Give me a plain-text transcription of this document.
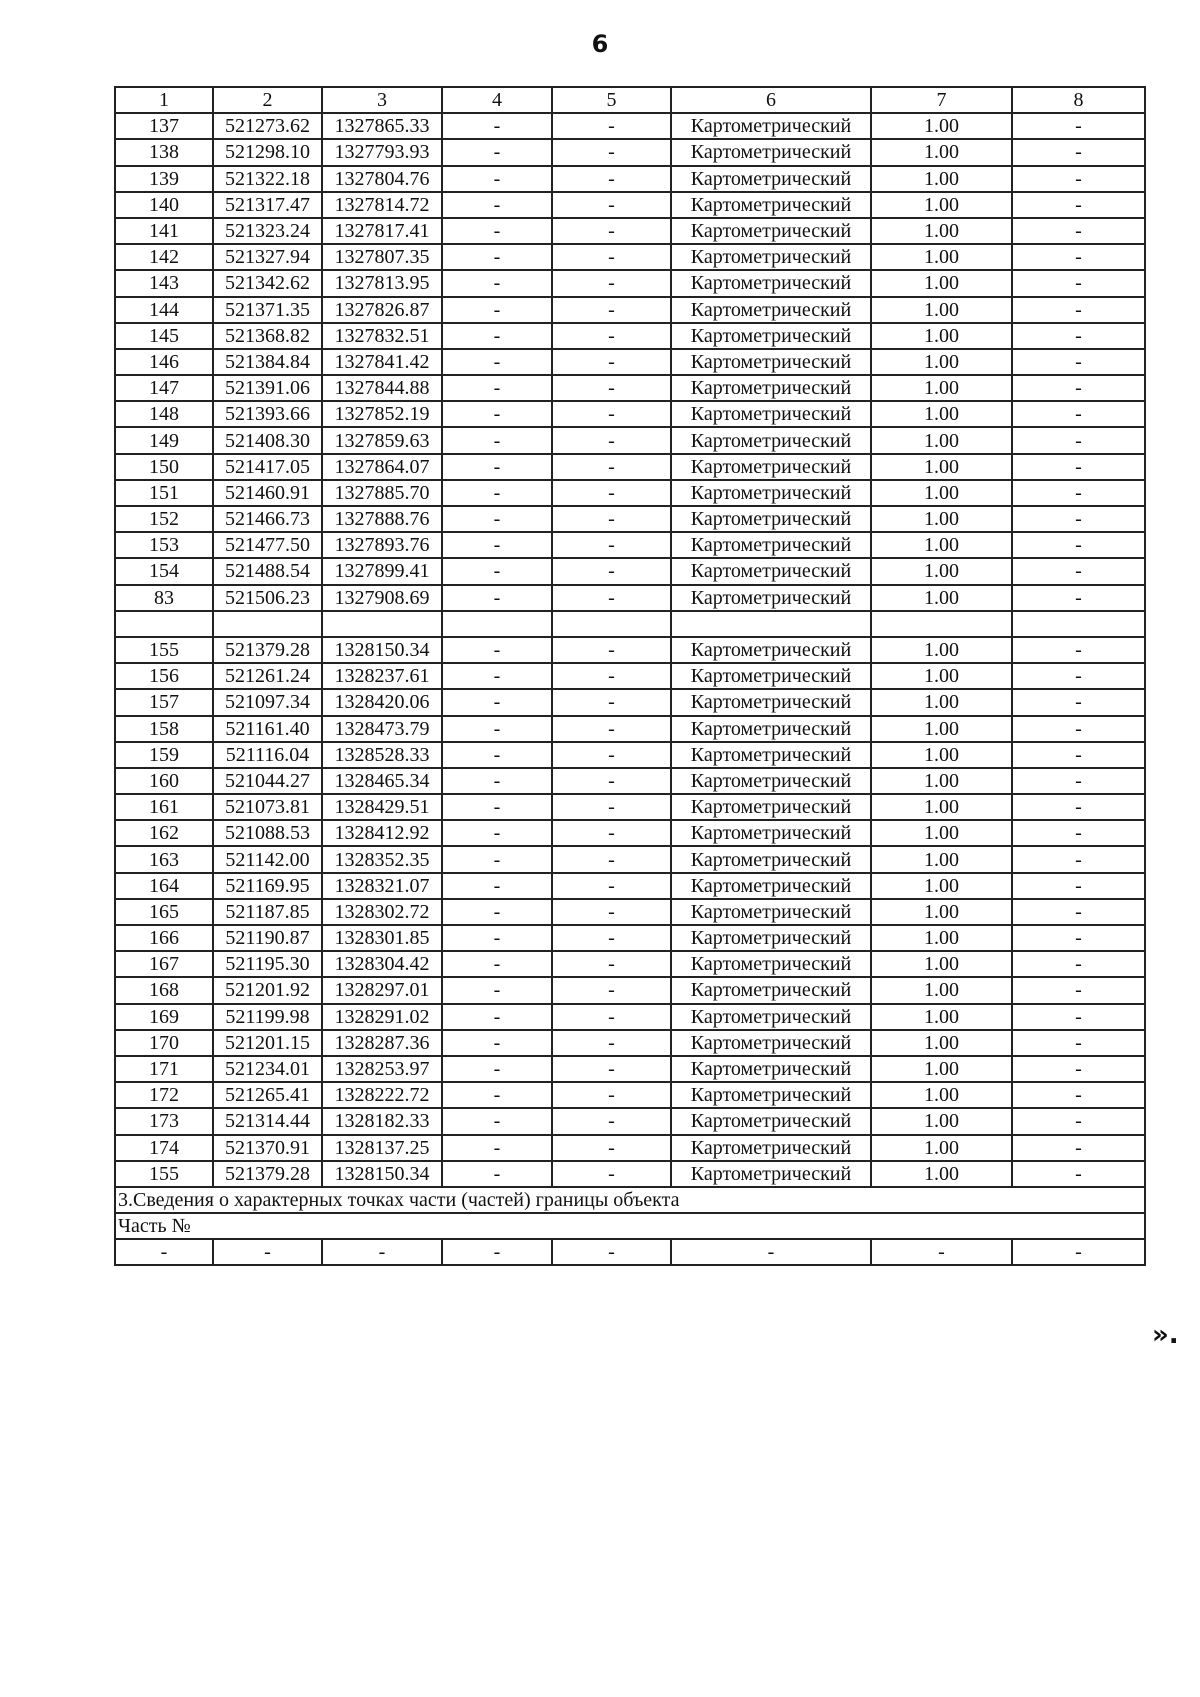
6
1	2	3	4	5	6	7	8
137	521273.62	1327865.33	-	-	Картометрический	1.00	-
138	521298.10	1327793.93	-	-	Картометрический	1.00	-
139	521322.18	1327804.76	-	-	Картометрический	1.00	-
140	521317.47	1327814.72	-	-	Картометрический	1.00	-
141	521323.24	1327817.41	-	-	Картометрический	1.00	-
142	521327.94	1327807.35	-	-	Картометрический	1.00	-
143	521342.62	1327813.95	-	-	Картометрический	1.00	-
144	521371.35	1327826.87	-	-	Картометрический	1.00	-
145	521368.82	1327832.51	-	-	Картометрический	1.00	-
146	521384.84	1327841.42	-	-	Картометрический	1.00	-
147	521391.06	1327844.88	-	-	Картометрический	1.00	-
148	521393.66	1327852.19	-	-	Картометрический	1.00	-
149	521408.30	1327859.63	-	-	Картометрический	1.00	-
150	521417.05	1327864.07	-	-	Картометрический	1.00	-
151	521460.91	1327885.70	-	-	Картометрический	1.00	-
152	521466.73	1327888.76	-	-	Картометрический	1.00	-
153	521477.50	1327893.76	-	-	Картометрический	1.00	-
154	521488.54	1327899.41	-	-	Картометрический	1.00	-
83	521506.23	1327908.69	-	-	Картометрический	1.00	-

155	521379.28	1328150.34	-	-	Картометрический	1.00	-
156	521261.24	1328237.61	-	-	Картометрический	1.00	-
157	521097.34	1328420.06	-	-	Картометрический	1.00	-
158	521161.40	1328473.79	-	-	Картометрический	1.00	-
159	521116.04	1328528.33	-	-	Картометрический	1.00	-
160	521044.27	1328465.34	-	-	Картометрический	1.00	-
161	521073.81	1328429.51	-	-	Картометрический	1.00	-
162	521088.53	1328412.92	-	-	Картометрический	1.00	-
163	521142.00	1328352.35	-	-	Картометрический	1.00	-
164	521169.95	1328321.07	-	-	Картометрический	1.00	-
165	521187.85	1328302.72	-	-	Картометрический	1.00	-
166	521190.87	1328301.85	-	-	Картометрический	1.00	-
167	521195.30	1328304.42	-	-	Картометрический	1.00	-
168	521201.92	1328297.01	-	-	Картометрический	1.00	-
169	521199.98	1328291.02	-	-	Картометрический	1.00	-
170	521201.15	1328287.36	-	-	Картометрический	1.00	-
171	521234.01	1328253.97	-	-	Картометрический	1.00	-
172	521265.41	1328222.72	-	-	Картометрический	1.00	-
173	521314.44	1328182.33	-	-	Картометрический	1.00	-
174	521370.91	1328137.25	-	-	Картометрический	1.00	-
155	521379.28	1328150.34	-	-	Картометрический	1.00	-
3.Сведения о характерных точках части (частей) границы объекта							
Часть №							
-	-	-	-	-	-	-	-
».
